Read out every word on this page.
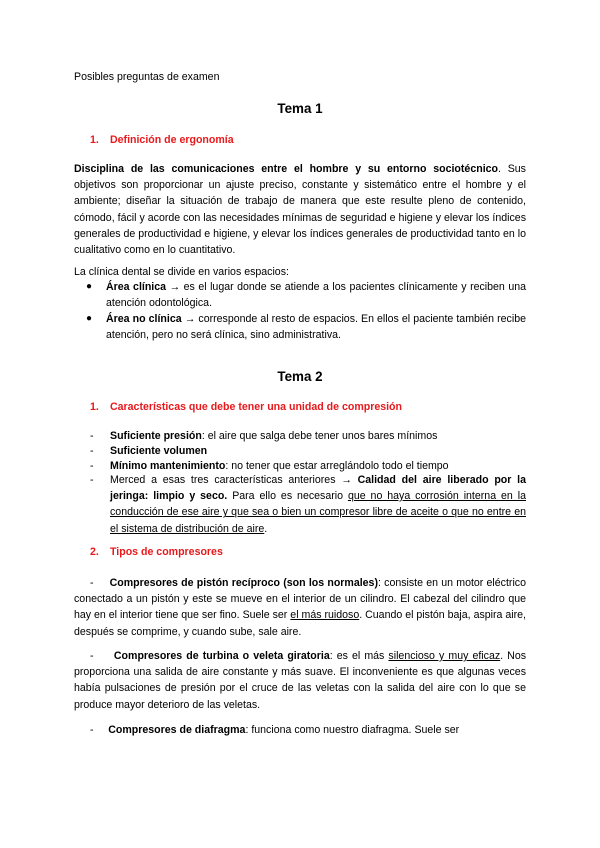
Posibles preguntas de examen
Tema 1
1. Definición de ergonomía
Disciplina de las comunicaciones entre el hombre y su entorno sociotécnico. Sus objetivos son proporcionar un ajuste preciso, constante y sistemático entre el hombre y el ambiente; diseñar la situación de trabajo de manera que este resulte pleno de contenido, cómodo, fácil y acorde con las necesidades mínimas de seguridad e higiene y elevar los índices generales de productividad e higiene, y elevar los índices generales de productividad tanto en lo cualitativo como en lo cuantitativo.
La clínica dental se divide en varios espacios:
● Área clínica → es el lugar donde se atiende a los pacientes clínicamente y reciben una atención odontológica.
● Área no clínica → corresponde al resto de espacios. En ellos el paciente también recibe atención, pero no será clínica, sino administrativa.
Tema 2
1. Características que debe tener una unidad de compresión
- Suficiente presión: el aire que salga debe tener unos bares mínimos
- Suficiente volumen
- Mínimo mantenimiento: no tener que estar arreglándolo todo el tiempo
- Merced a esas tres características anteriores → Calidad del aire liberado por la jeringa: limpio y seco. Para ello es necesario que no haya corrosión interna en la conducción de ese aire y que sea o bien un compresor libre de aceite o que no entre en el sistema de distribución de aire.
2. Tipos de compresores
- Compresores de pistón recíproco (son los normales): consiste en un motor eléctrico conectado a un pistón y este se mueve en el interior de un cilindro. El cabezal del cilindro que hay en el interior tiene que ser fino. Suele ser el más ruidoso. Cuando el pistón baja, aspira aire, después se comprime, y cuando sube, sale aire.
- Compresores de turbina o veleta giratoria: es el más silencioso y muy eficaz. Nos proporciona una salida de aire constante y más suave. El inconveniente es que algunas veces había pulsaciones de presión por el cruce de las veletas con la salida del aire con lo que se produce mayor deterioro de las veletas.
- Compresores de diafragma: funciona como nuestro diafragma. Suele ser
